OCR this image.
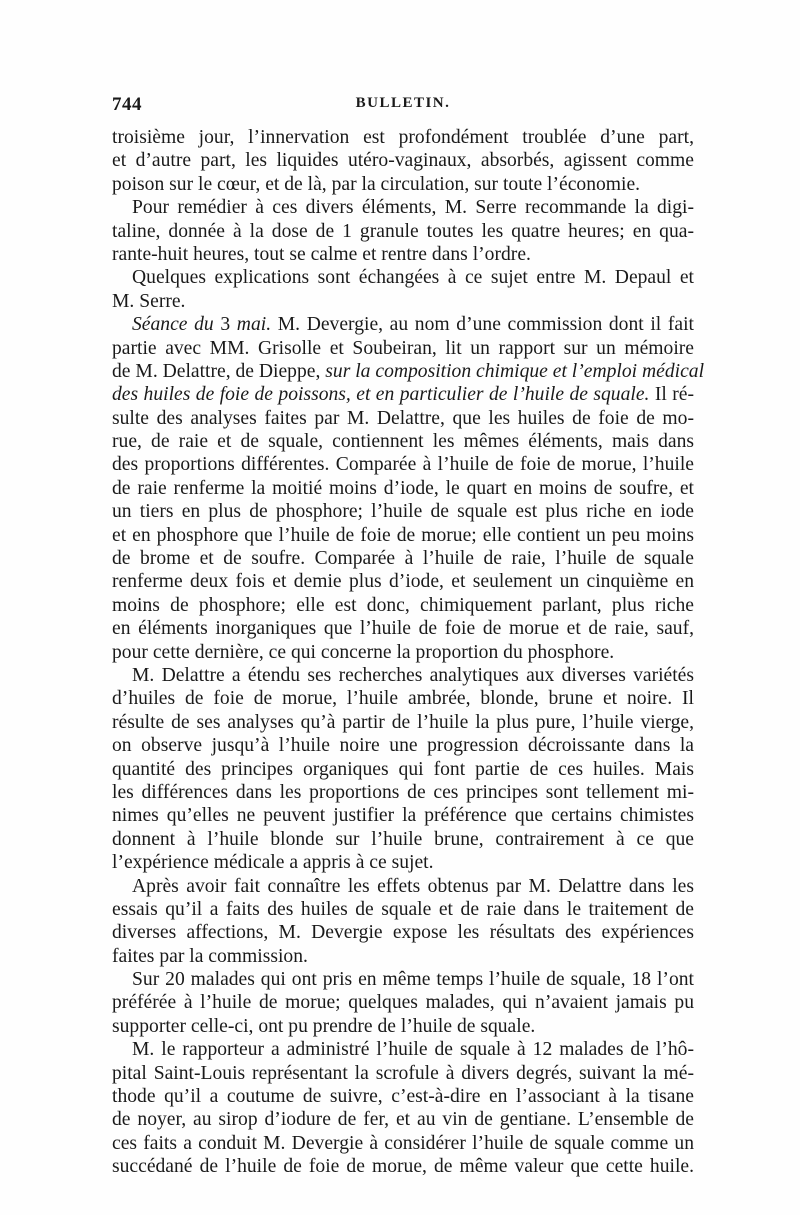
744	BULLETIN.
troisième jour, l’innervation est profondément troublée d’une part,
et d’autre part, les liquides utéro-vaginaux, absorbés, agissent comme
poison sur le cœur, et de là, par la circulation, sur toute l’économie.
Pour remédier à ces divers éléments, M. Serre recommande la digi-
taline, donnée à la dose de 1 granule toutes les quatre heures; en qua-
rante-huit heures, tout se calme et rentre dans l’ordre.
Quelques explications sont échangées à ce sujet entre M. Depaul et
M. Serre.
Séance du 3 mai. M. Devergie, au nom d’une commission dont il fait
partie avec MM. Grisolle et Soubeiran, lit un rapport sur un mémoire
de M. Delattre, de Dieppe, sur la composition chimique et l’emploi médical
des huiles de foie de poissons, et en particulier de l’huile de squale. Il ré-
sulte des analyses faites par M. Delattre, que les huiles de foie de mo-
rue, de raie et de squale, contiennent les mêmes éléments, mais dans
des proportions différentes. Comparée à l’huile de foie de morue, l’huile
de raie renferme la moitié moins d’iode, le quart en moins de soufre, et
un tiers en plus de phosphore; l’huile de squale est plus riche en iode
et en phosphore que l’huile de foie de morue; elle contient un peu moins
de brome et de soufre. Comparée à l’huile de raie, l’huile de squale
renferme deux fois et demie plus d’iode, et seulement un cinquième en
moins de phosphore; elle est donc, chimiquement parlant, plus riche
en éléments inorganiques que l’huile de foie de morue et de raie, sauf,
pour cette dernière, ce qui concerne la proportion du phosphore.
M. Delattre a étendu ses recherches analytiques aux diverses variétés
d’huiles de foie de morue, l’huile ambrée, blonde, brune et noire. Il
résulte de ses analyses qu’à partir de l’huile la plus pure, l’huile vierge,
on observe jusqu’à l’huile noire une progression décroissante dans la
quantité des principes organiques qui font partie de ces huiles. Mais
les différences dans les proportions de ces principes sont tellement mi-
nimes qu’elles ne peuvent justifier la préférence que certains chimistes
donnent à l’huile blonde sur l’huile brune, contrairement à ce que
l’expérience médicale a appris à ce sujet.
Après avoir fait connaître les effets obtenus par M. Delattre dans les
essais qu’il a faits des huiles de squale et de raie dans le traitement de
diverses affections, M. Devergie expose les résultats des expériences
faites par la commission.
Sur 20 malades qui ont pris en même temps l’huile de squale, 18 l’ont
préférée à l’huile de morue; quelques malades, qui n’avaient jamais pu
supporter celle-ci, ont pu prendre de l’huile de squale.
M. le rapporteur a administré l’huile de squale à 12 malades de l’hô-
pital Saint-Louis représentant la scrofule à divers degrés, suivant la mé-
thode qu’il a coutume de suivre, c’est-à-dire en l’associant à la tisane
de noyer, au sirop d’iodure de fer, et au vin de gentiane. L’ensemble de
ces faits a conduit M. Devergie à considérer l’huile de squale comme un
succédané de l’huile de foie de morue, de même valeur que cette huile.
